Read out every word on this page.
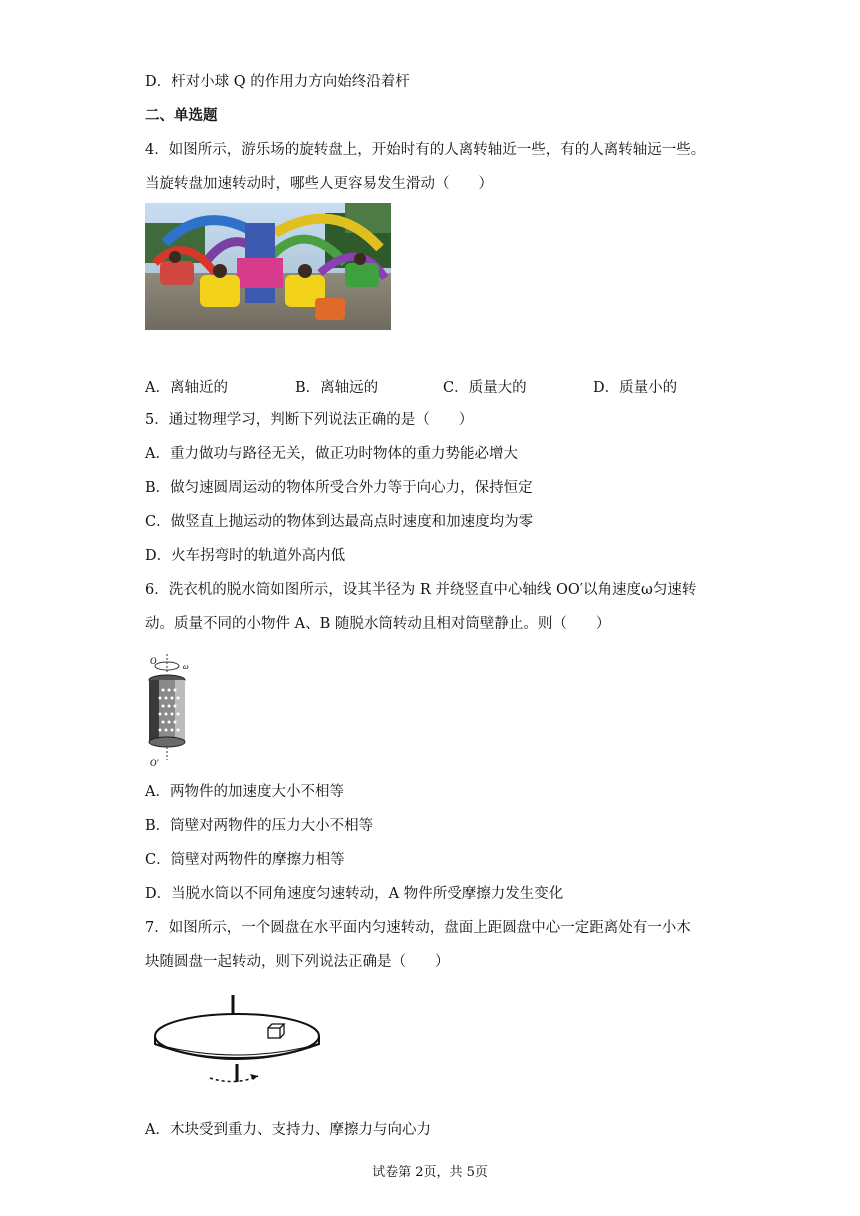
D．杆对小球 Q 的作用力方向始终沿着杆
二、单选题
4．如图所示，游乐场的旋转盘上，开始时有的人离转轴近一些，有的人离转轴远一些。
当旋转盘加速转动时，哪些人更容易发生滑动（　　）
A．离轴近的	B．离轴远的	C．质量大的	D．质量小的
5．通过物理学习，判断下列说法正确的是（　　）
A．重力做功与路径无关，做正功时物体的重力势能必增大
B．做匀速圆周运动的物体所受合外力等于向心力，保持恒定
C．做竖直上抛运动的物体到达最高点时速度和加速度均为零
D．火车拐弯时的轨道外高内低
6．洗衣机的脱水筒如图所示，设其半径为 R 并绕竖直中心轴线 OO′以角速度ω匀速转
动。质量不同的小物件 A、B 随脱水筒转动且相对筒壁静止。则（　　）
O
ω
O′
A．两物件的加速度大小不相等
B．筒壁对两物件的压力大小不相等
C．筒壁对两物件的摩擦力相等
D．当脱水筒以不同角速度匀速转动，A 物件所受摩擦力发生变化
7．如图所示，一个圆盘在水平面内匀速转动，盘面上距圆盘中心一定距离处有一小木
块随圆盘一起转动，则下列说法正确是（　　）
A．木块受到重力、支持力、摩擦力与向心力
试卷第 2页，共 5页
